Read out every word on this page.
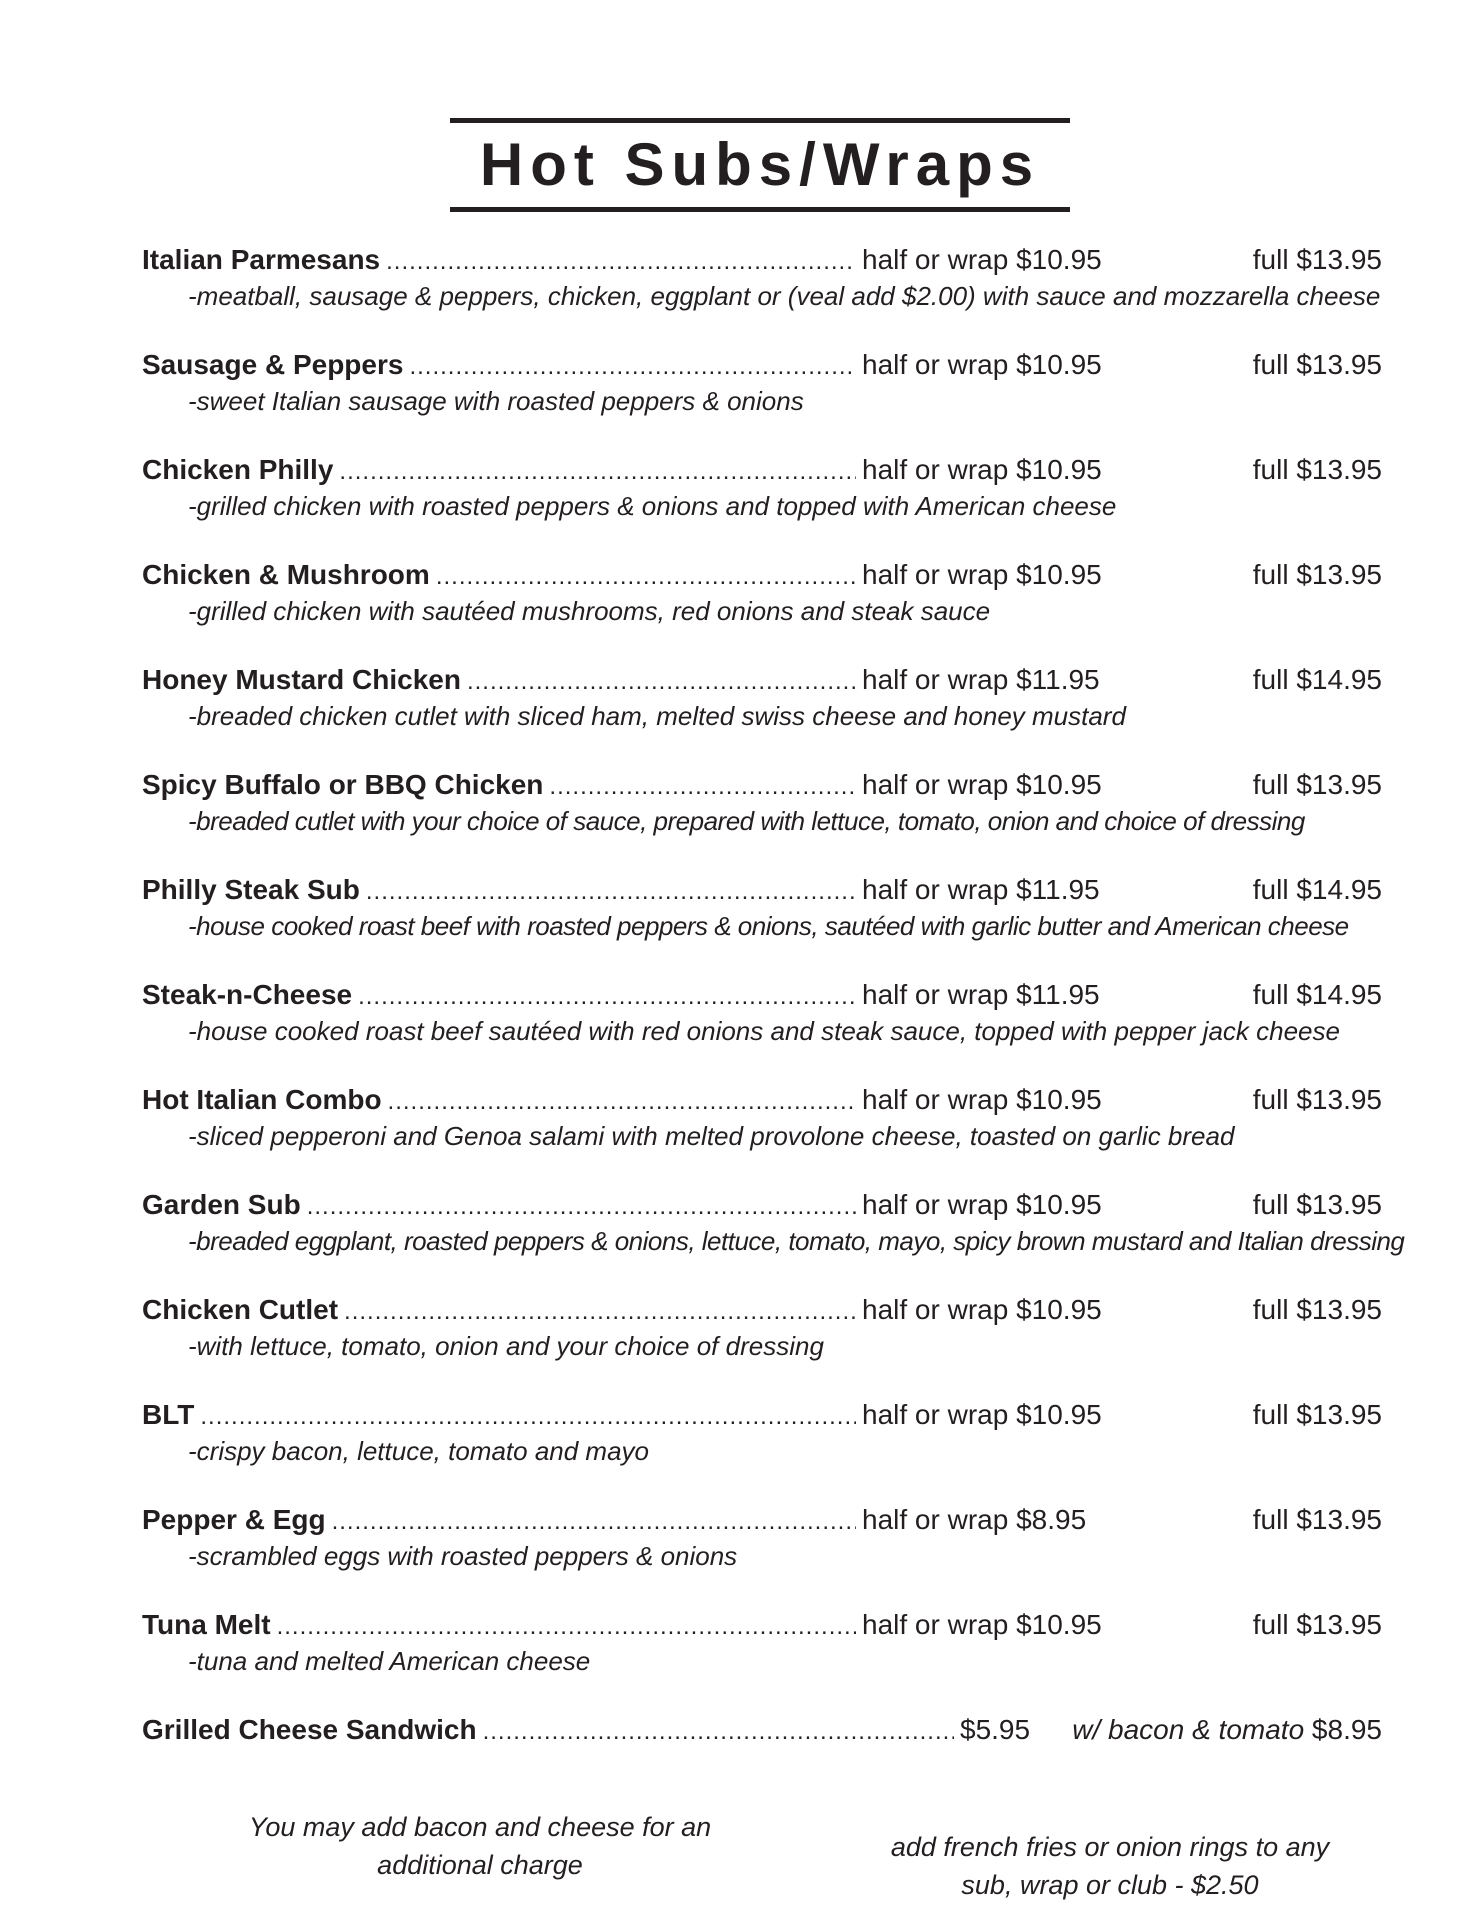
Hot Subs/Wraps
Italian Parmesans .....	half or wrap $10.95	full $13.95
-meatball, sausage & peppers, chicken, eggplant or (veal add $2.00) with sauce and mozzarella cheese
Sausage & Peppers .....	half or wrap $10.95	full $13.95
-sweet Italian sausage with roasted peppers & onions
Chicken Philly .....	half or wrap $10.95	full $13.95
-grilled chicken with roasted peppers & onions and topped with American cheese
Chicken & Mushroom .....	half or wrap $10.95	full $13.95
-grilled chicken with sautéed mushrooms, red onions and steak sauce
Honey Mustard Chicken .....	half or wrap $11.95	full $14.95
-breaded chicken cutlet with sliced ham, melted swiss cheese and honey mustard
Spicy Buffalo or BBQ Chicken .....	half or wrap $10.95	full $13.95
-breaded cutlet with your choice of sauce, prepared with lettuce, tomato, onion and choice of dressing
Philly Steak Sub .....	half or wrap $11.95	full $14.95
-house cooked roast beef with roasted peppers & onions, sautéed with garlic butter and American cheese
Steak-n-Cheese .....	half or wrap $11.95	full $14.95
-house cooked roast beef sautéed with red onions and steak sauce, topped with pepper jack cheese
Hot Italian Combo .....	half or wrap $10.95	full $13.95
-sliced pepperoni and Genoa salami with melted provolone cheese, toasted on garlic bread
Garden Sub .....	half or wrap $10.95	full $13.95
-breaded eggplant, roasted peppers & onions, lettuce, tomato, mayo, spicy brown mustard and Italian dressing
Chicken Cutlet .....	half or wrap $10.95	full $13.95
-with lettuce, tomato, onion and your choice of dressing
BLT .....	half or wrap $10.95	full $13.95
-crispy bacon, lettuce, tomato and mayo
Pepper & Egg .....	half or wrap $8.95	full $13.95
-scrambled eggs with roasted peppers & onions
Tuna Melt .....	half or wrap $10.95	full $13.95
-tuna and melted American cheese
Grilled Cheese Sandwich .....	$5.95	w/ bacon & tomato $8.95
You may add bacon and cheese for an
additional charge
add french fries or onion rings to any
sub, wrap or club - $2.50
